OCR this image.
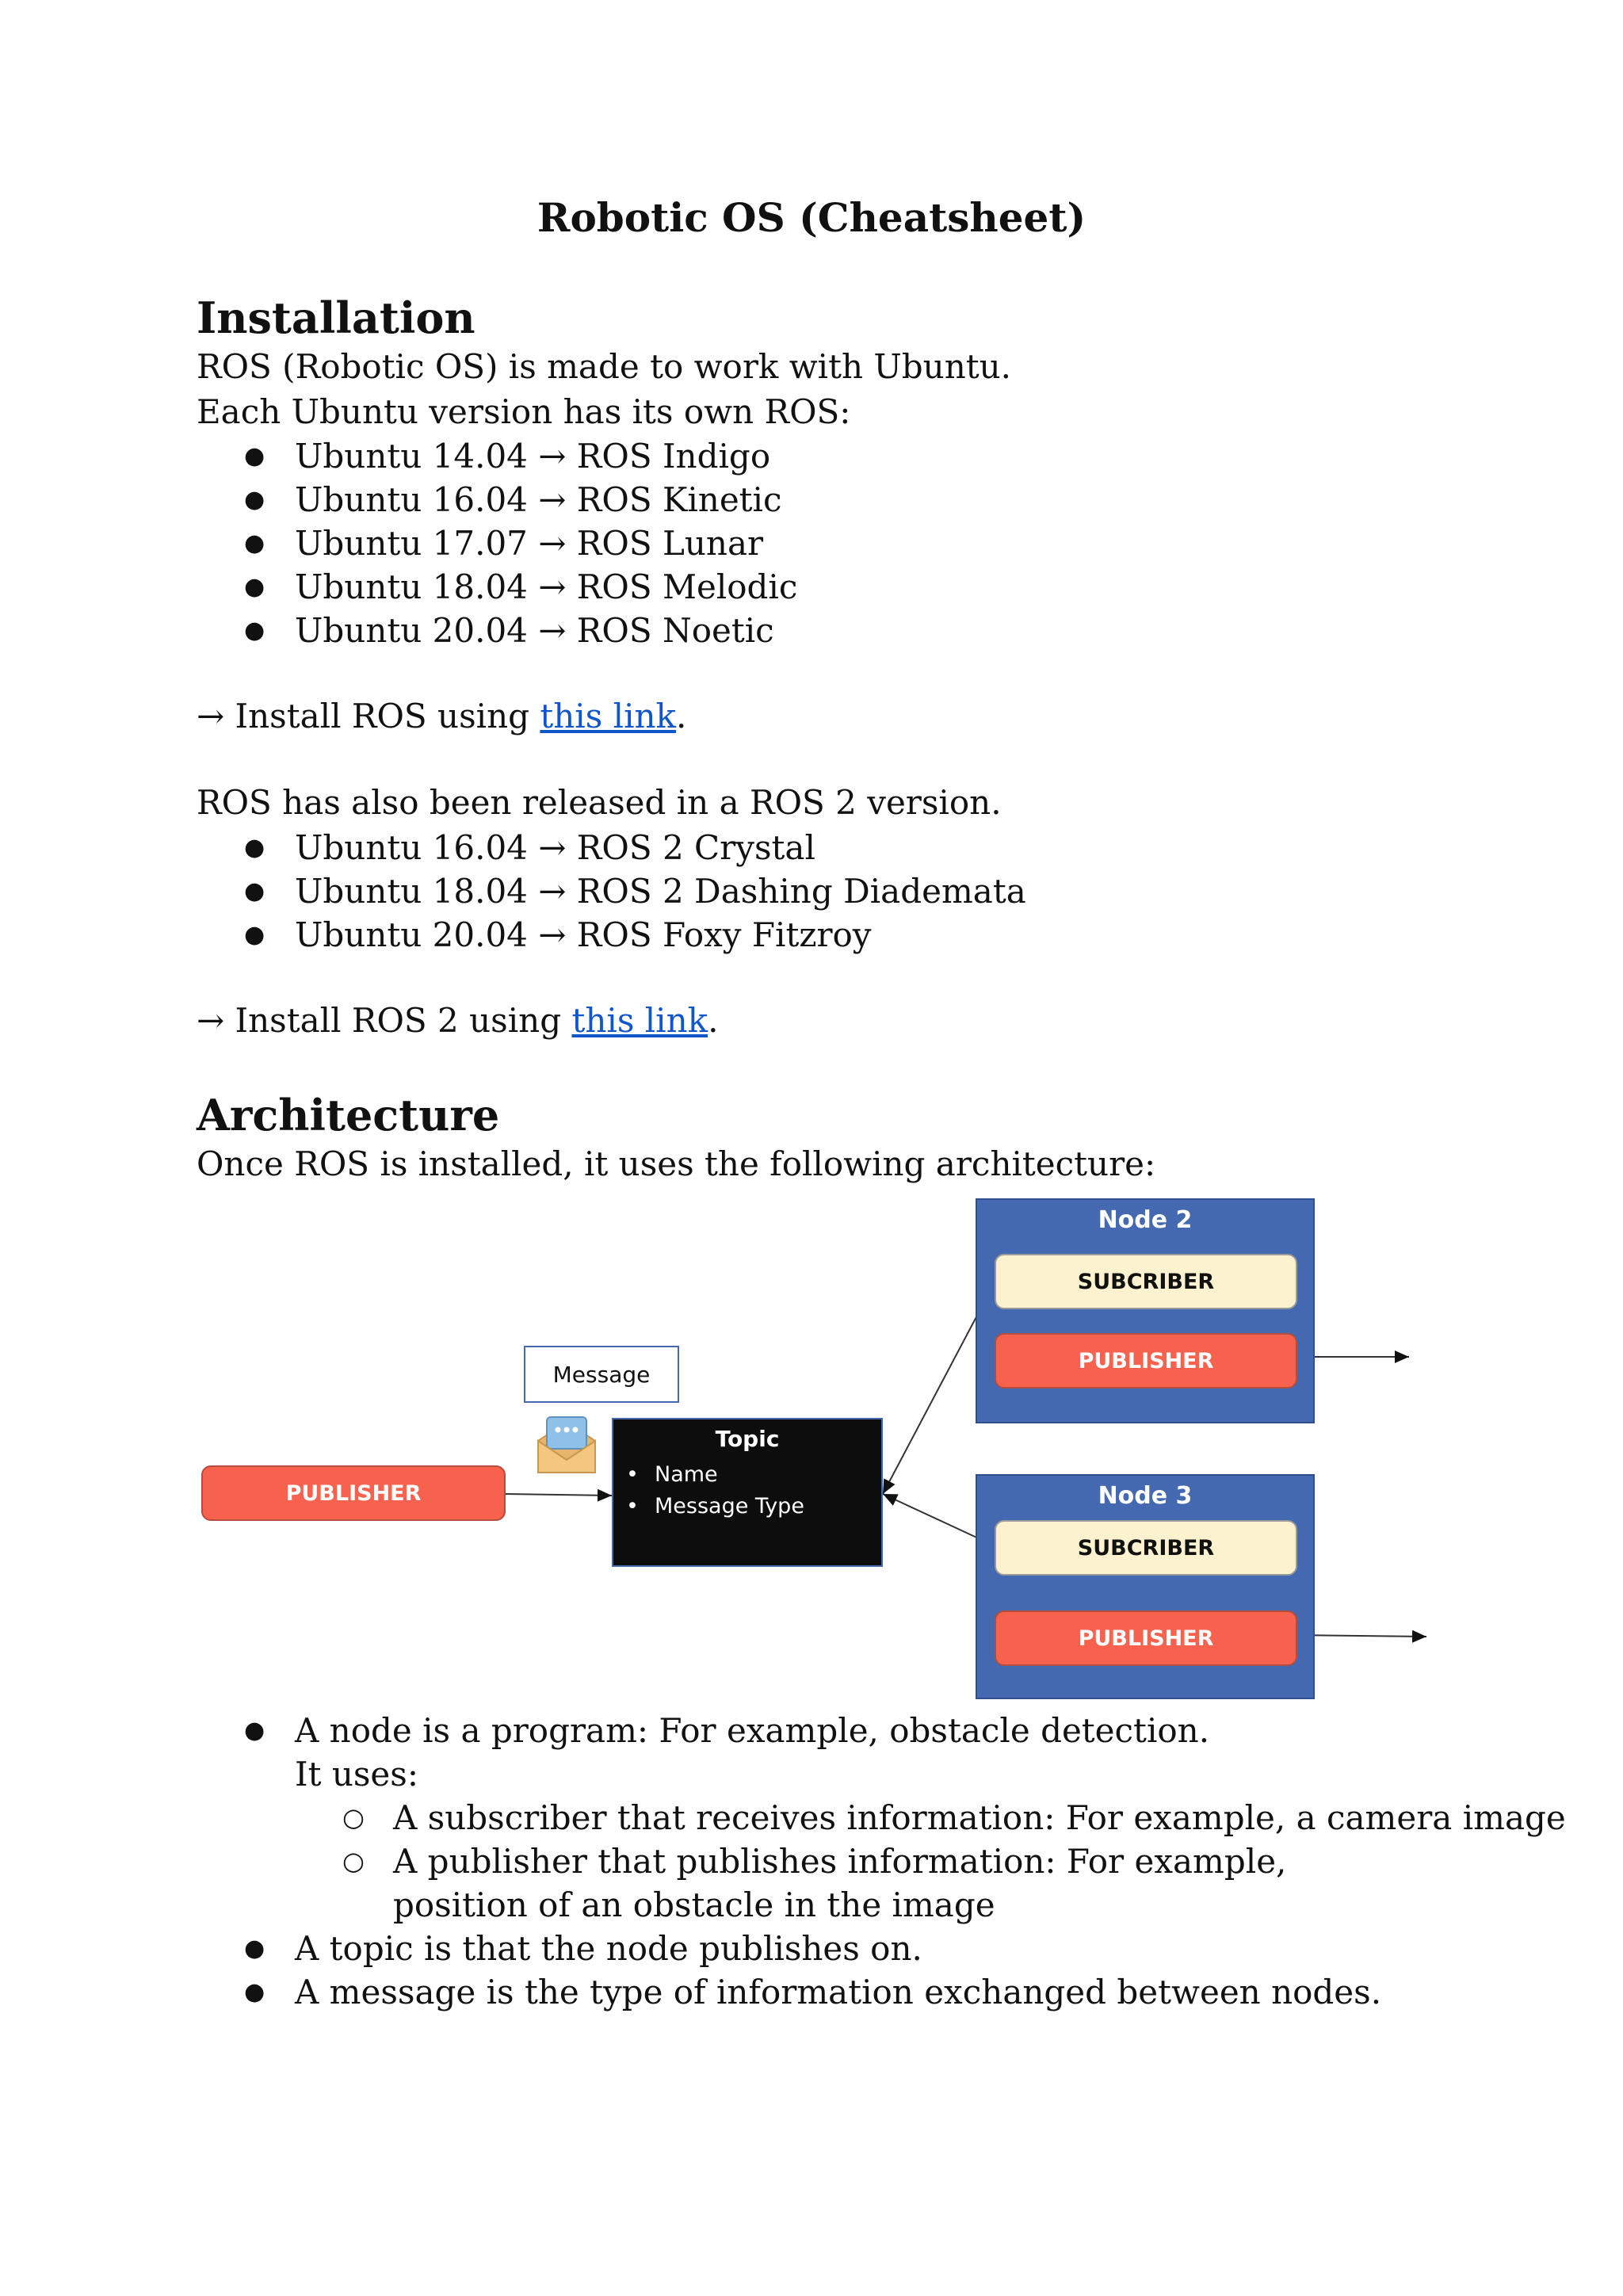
Robotic OS (Cheatsheet)
Installation
ROS (Robotic OS) is made to work with Ubuntu.
Each Ubuntu version has its own ROS:
● Ubuntu 14.04 → ROS Indigo
● Ubuntu 16.04 → ROS Kinetic
● Ubuntu 17.07 → ROS Lunar
● Ubuntu 18.04 → ROS Melodic
● Ubuntu 20.04 → ROS Noetic
→ Install ROS using this link.
ROS has also been released in a ROS 2 version.
● Ubuntu 16.04 → ROS 2 Crystal
● Ubuntu 18.04 → ROS 2 Dashing Diademata
● Ubuntu 20.04 → ROS Foxy Fitzroy
→ Install ROS 2 using this link.
Architecture
Once ROS is installed, it uses the following architecture:
PUBLISHER
Message
Topic
• Name
• Message Type
Node 2
SUBCRIBER
PUBLISHER
Node 3
SUBCRIBER
PUBLISHER
● A node is a program: For example, obstacle detection.
It uses:
○ A subscriber that receives information: For example, a camera image
○ A publisher that publishes information: For example, position of an obstacle in the image
● A topic is that the node publishes on.
● A message is the type of information exchanged between nodes.
